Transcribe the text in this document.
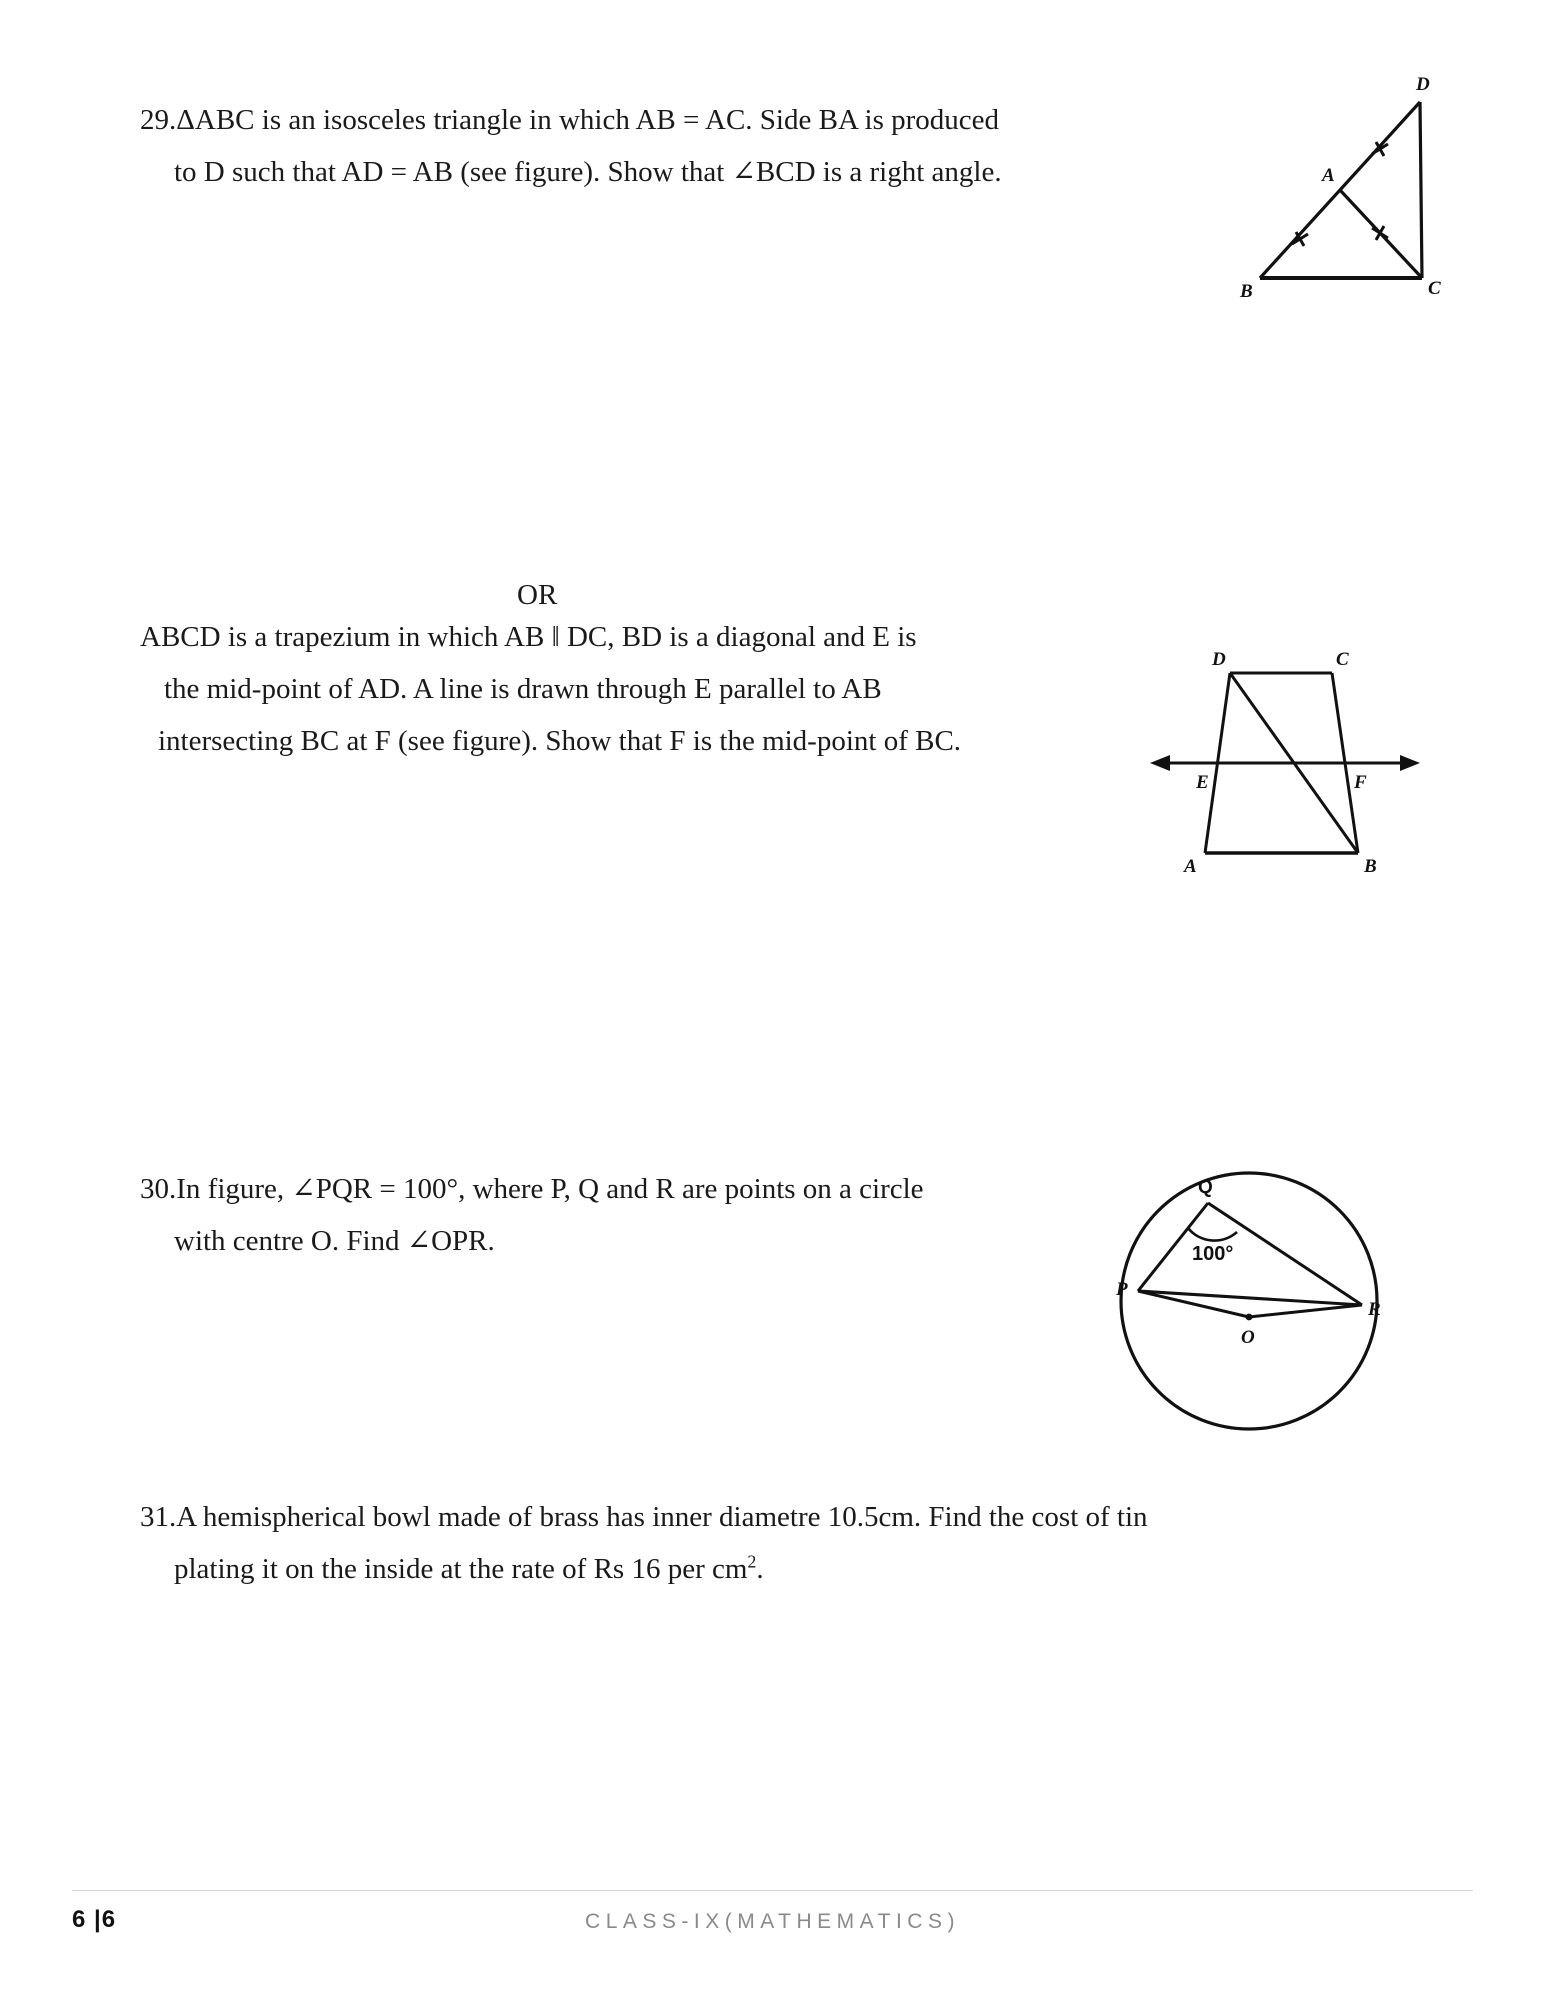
29.ΔABC is an isosceles triangle in which AB = AC. Side BA is produced
to D such that AD = AB (see figure). Show that ∠BCD is a right angle.
D
A
B	C
OR
ABCD is a trapezium in which AB ‖ DC, BD is a diagonal and E is
the mid-point of AD. A line is drawn through E parallel to AB
intersecting BC at F (see figure). Show that F is the mid-point of BC.
D	C
E	F
A	B
30.In figure, ∠PQR = 100°, where P, Q and R are points on a circle
with centre O. Find ∠OPR.
Q
P
R
O
100°
31.A hemispherical bowl made of brass has inner diametre 10.5cm. Find the cost of tin
plating it on the inside at the rate of Rs 16 per $cm^2$.
6 |6	CLASS-IX(MATHEMATICS)
